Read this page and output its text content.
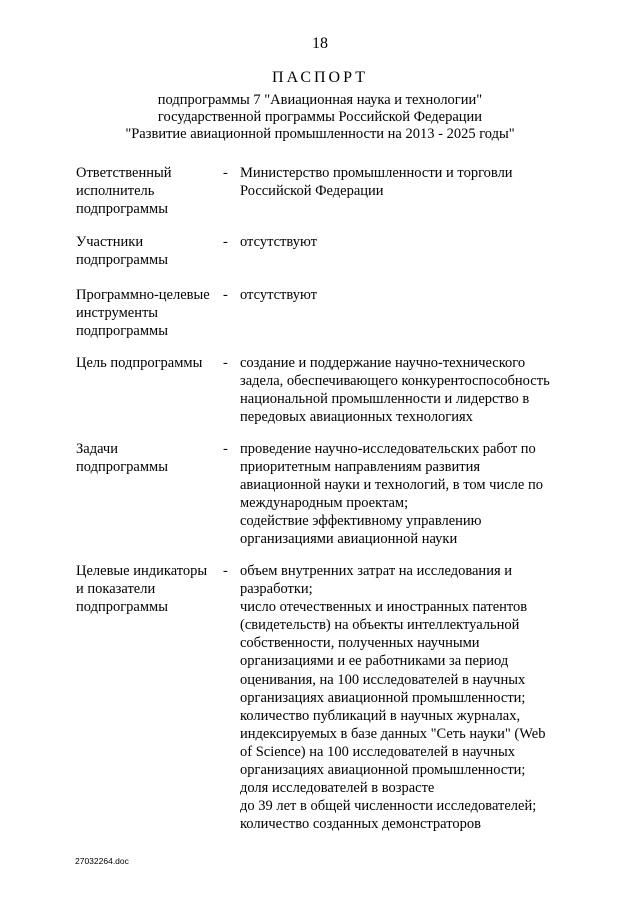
18
ПАСПОРТ
подпрограммы 7 "Авиационная наука и технологии"
государственной программы Российской Федерации
"Развитие авиационной промышленности на 2013 - 2025 годы"
Ответственный
исполнитель
подпрограммы
- Министерство промышленности и торговли
Российской Федерации
Участники
подпрограммы
- отсутствуют
Программно-целевые
инструменты
подпрограммы
- отсутствуют
Цель подпрограммы	- создание и поддержание научно-технического
задела, обеспечивающего конкурентоспособность
национальной промышленности и лидерство в
передовых авиационных технологиях
Задачи
подпрограммы
- проведение научно-исследовательских работ по
приоритетным направлениям развития
авиационной науки и технологий, в том числе по
международным проектам;
содействие эффективному управлению
организациями авиационной науки
Целевые индикаторы
и показатели
подпрограммы
- объем внутренних затрат на исследования и
разработки;
число отечественных и иностранных патентов
(свидетельств) на объекты интеллектуальной
собственности, полученных научными
организациями и ее работниками за период
оценивания, на 100 исследователей в научных
организациях авиационной промышленности;
количество публикаций в научных журналах,
индексируемых в базе данных "Сеть науки" (Web
of Science) на 100 исследователей в научных
организациях авиационной промышленности;
доля исследователей в возрасте
до 39 лет в общей численности исследователей;
количество созданных демонстраторов
27032264.doc
